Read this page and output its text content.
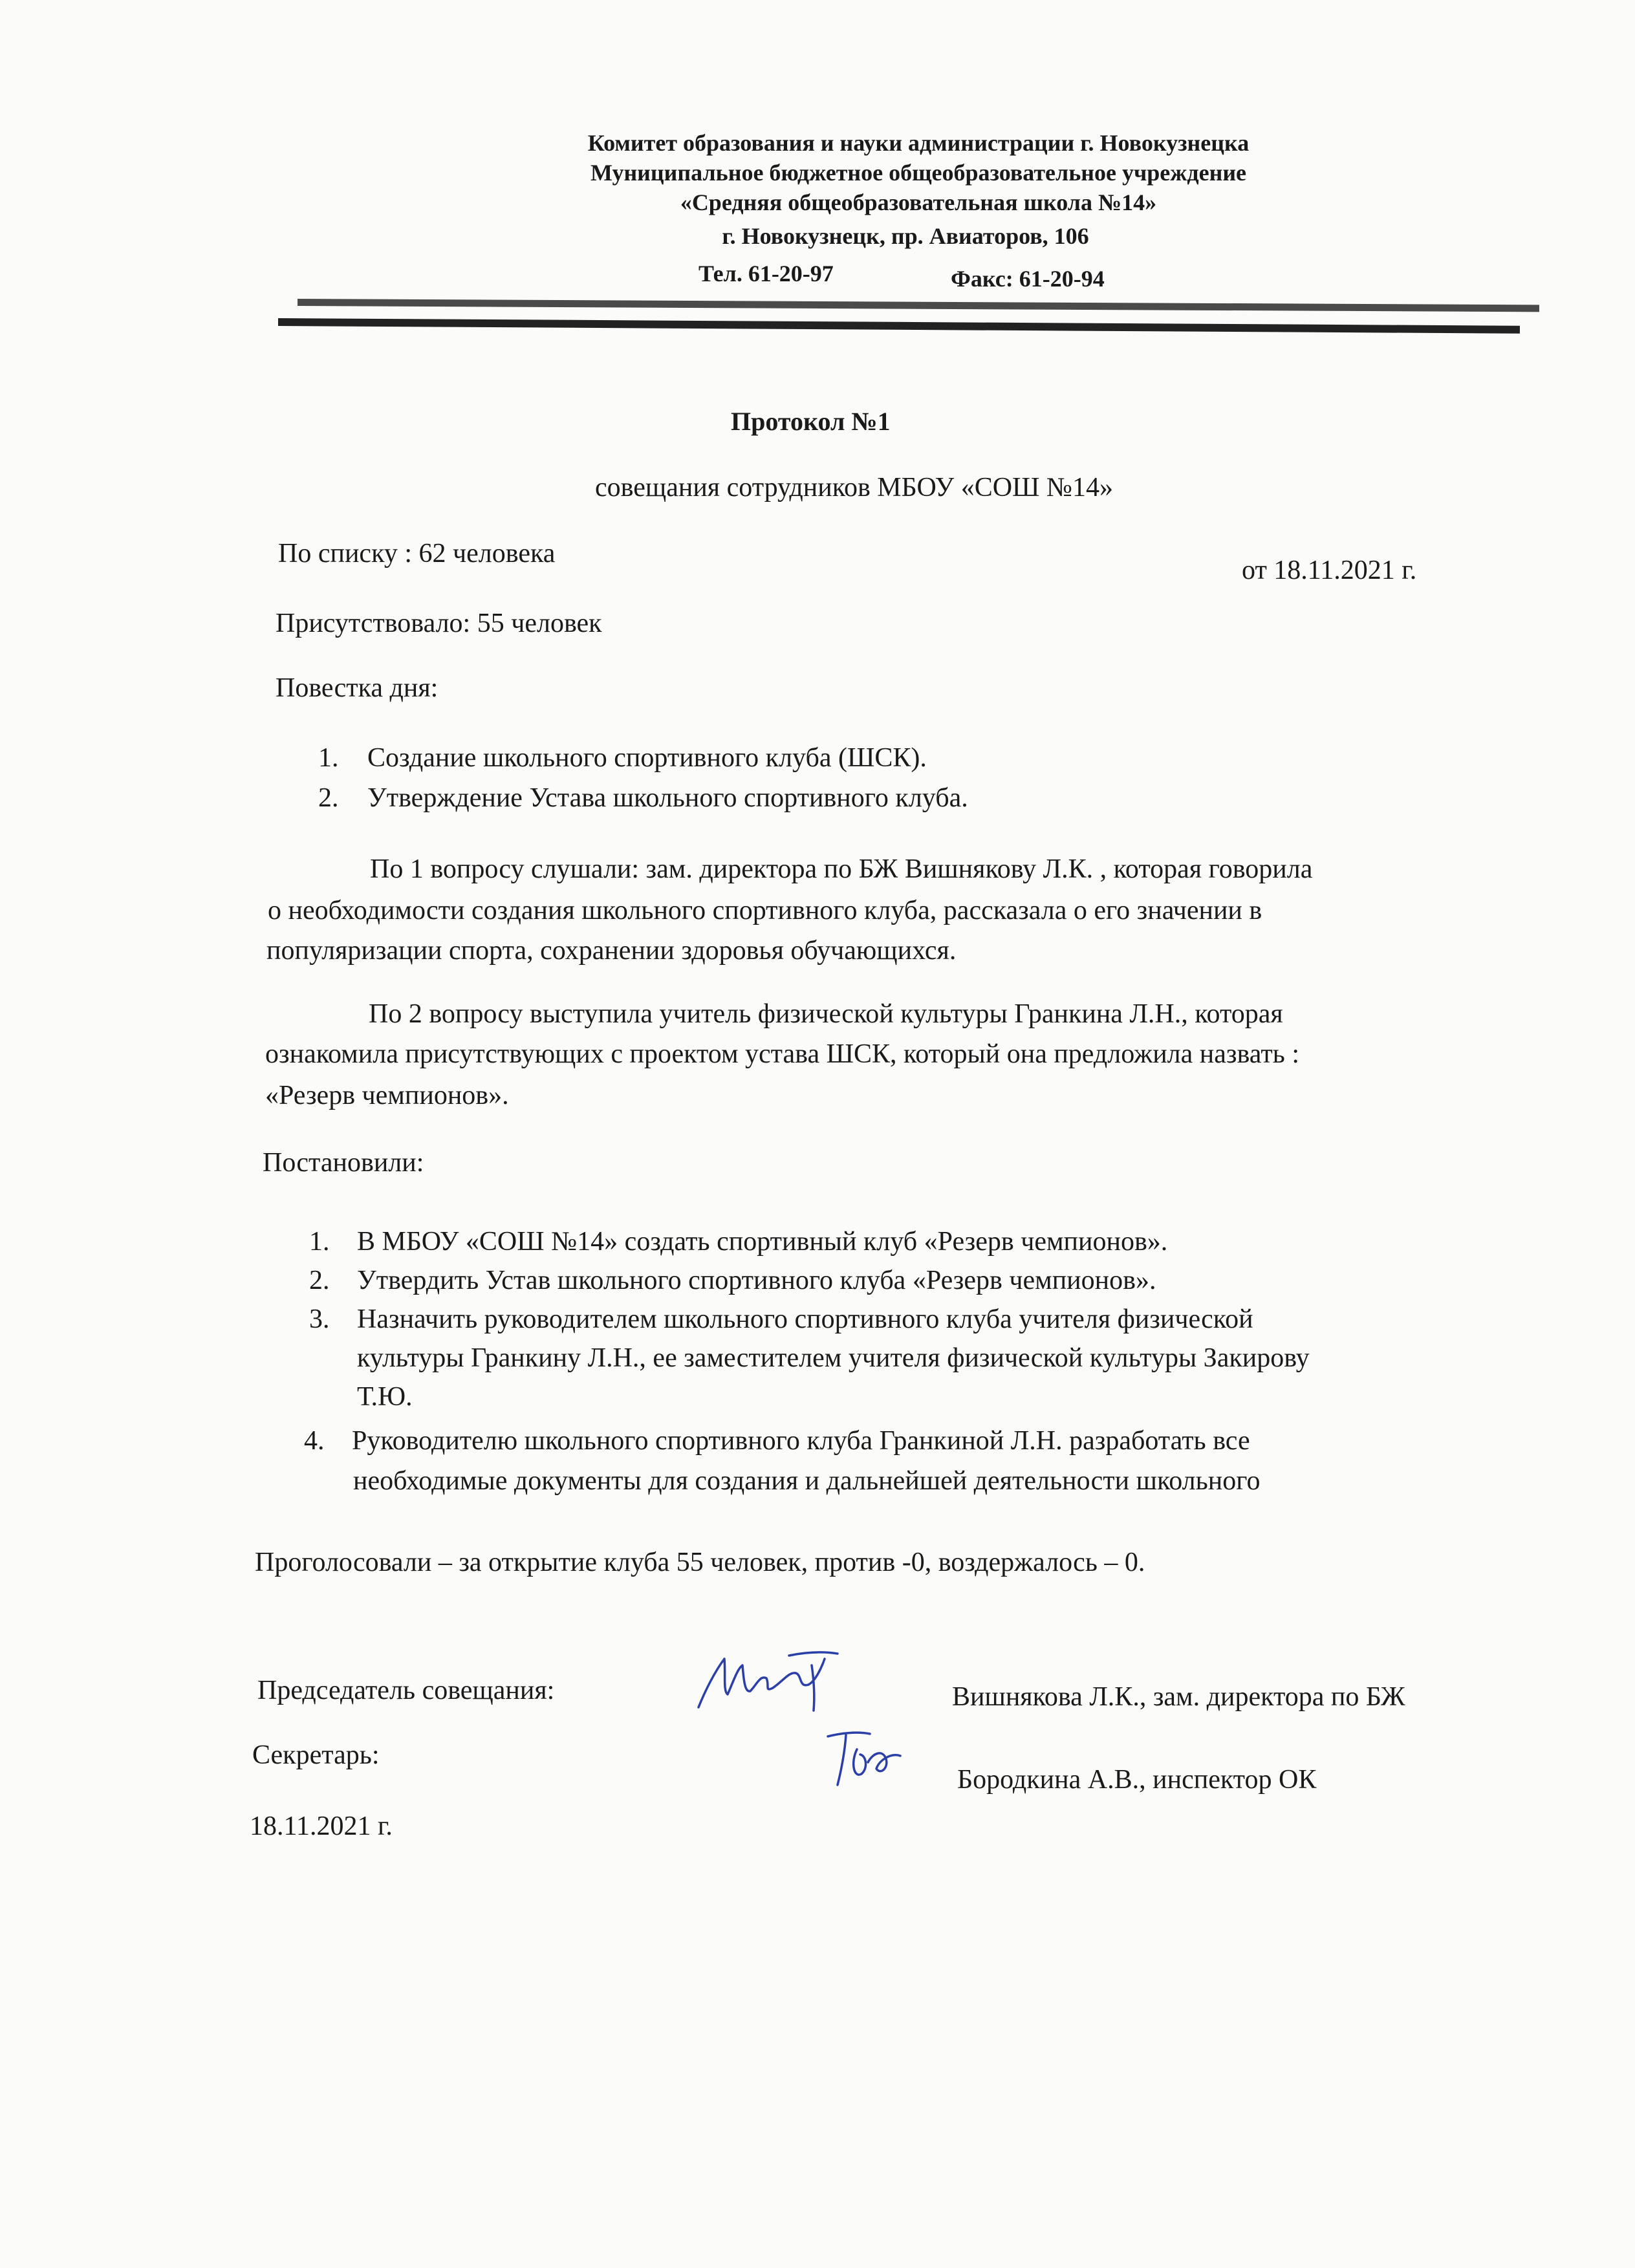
Комитет образования и науки администрации г. Новокузнецка
Муниципальное бюджетное общеобразовательное учреждение
«Средняя общеобразовательная школа №14»
г. Новокузнецк, пр. Авиаторов, 106
Тел. 61-20-97	Факс: 61-20-94
Протокол №1
совещания сотрудников МБОУ «СОШ №14»
По списку : 62 человека
от 18.11.2021 г.
Присутствовало: 55 человек
Повестка дня:
1. Создание школьного спортивного клуба (ШСК).
2. Утверждение Устава школьного спортивного клуба.
По 1 вопросу слушали: зам. директора по БЖ Вишнякову Л.К. , которая говорила
о необходимости создания школьного спортивного клуба, рассказала о его значении в
популяризации спорта, сохранении здоровья обучающихся.
По 2 вопросу выступила учитель физической культуры Гранкина Л.Н., которая
ознакомила присутствующих с проектом устава ШСК, который она предложила назвать :
«Резерв чемпионов».
Постановили:
1. В МБОУ «СОШ №14» создать спортивный клуб «Резерв чемпионов».
2. Утвердить Устав школьного спортивного клуба «Резерв чемпионов».
3. Назначить руководителем школьного спортивного клуба учителя физической
культуры Гранкину Л.Н., ее заместителем учителя физической культуры Закирову
Т.Ю.
4. Руководителю школьного спортивного клуба Гранкиной Л.Н. разработать все
необходимые документы для создания и дальнейшей деятельности школьного
Проголосовали – за открытие клуба 55 человек, против -0, воздержалось – 0.
Председатель совещания:	Вишнякова Л.К., зам. директора по БЖ
Секретарь:
Бородкина А.В., инспектор ОК
18.11.2021 г.
